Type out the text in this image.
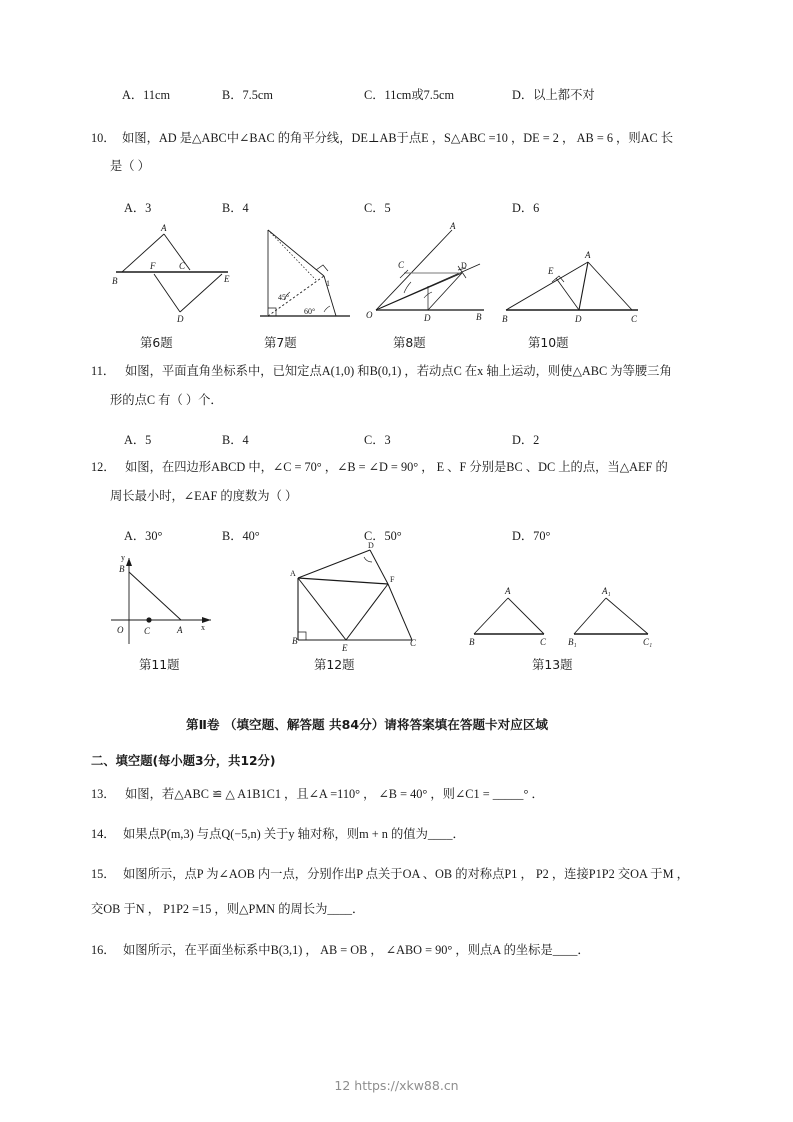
A．11cm	B．7.5cm	C．11cm或7.5cm	D．以上都不对
10． 如图，AD 是△ABC中∠BAC 的角平分线，DE⊥AB于点E ，S△ABC =10 ，DE = 2 ， AB = 6 ，则AC 长
是（ ）
A．3	B．4	C．5	D．6
A
B
C
D
E
F
45°
60°
1
A
B
C	D
O	D
A
B	C
D
E
第6题	第7题	第8题	第10题
11． 如图，平面直角坐标系中，已知定点A(1,0) 和B(0,1) ，若动点C 在x 轴上运动，则使△ABC 为等腰三角
形的点C 有（ ）个．
A．5	B．4	C．3	D．2
12． 如图，在四边形ABCD 中，∠C = 70° ，∠B = ∠D = 90° ， E 、F 分别是BC 、DC 上的点，当△AEF 的
周长最小时，∠EAF 的度数为（ ）
A．30°	B．40°	C．50°	D．70°
y
x
B
O C	A
A
B	C
D
E
F
A
B	C
A₁
B₁	C₁
第11题	第12题	第13题
第Ⅱ卷 （填空题、解答题 共84分）请将答案填在答题卡对应区域
二、填空题(每小题3分，共12分)
13． 如图，若△ABC ≌ △ A1B1C1 ，且∠A =110° ， ∠B = 40° ，则∠C1 = _____° ．
14． 如果点P(m,3) 与点Q(−5,n) 关于y 轴对称，则m + n 的值为____．
15． 如图所示，点P 为∠AOB 内一点，分别作出P 点关于OA 、OB 的对称点P1 ， P2 ，连接P1P2 交OA 于M ，
交OB 于N ， P1P2 =15 ，则△PMN 的周长为____．
16． 如图所示，在平面坐标系中B(3,1) ， AB = OB ， ∠ABO = 90° ，则点A 的坐标是____．
12 https://xkw88.cn
